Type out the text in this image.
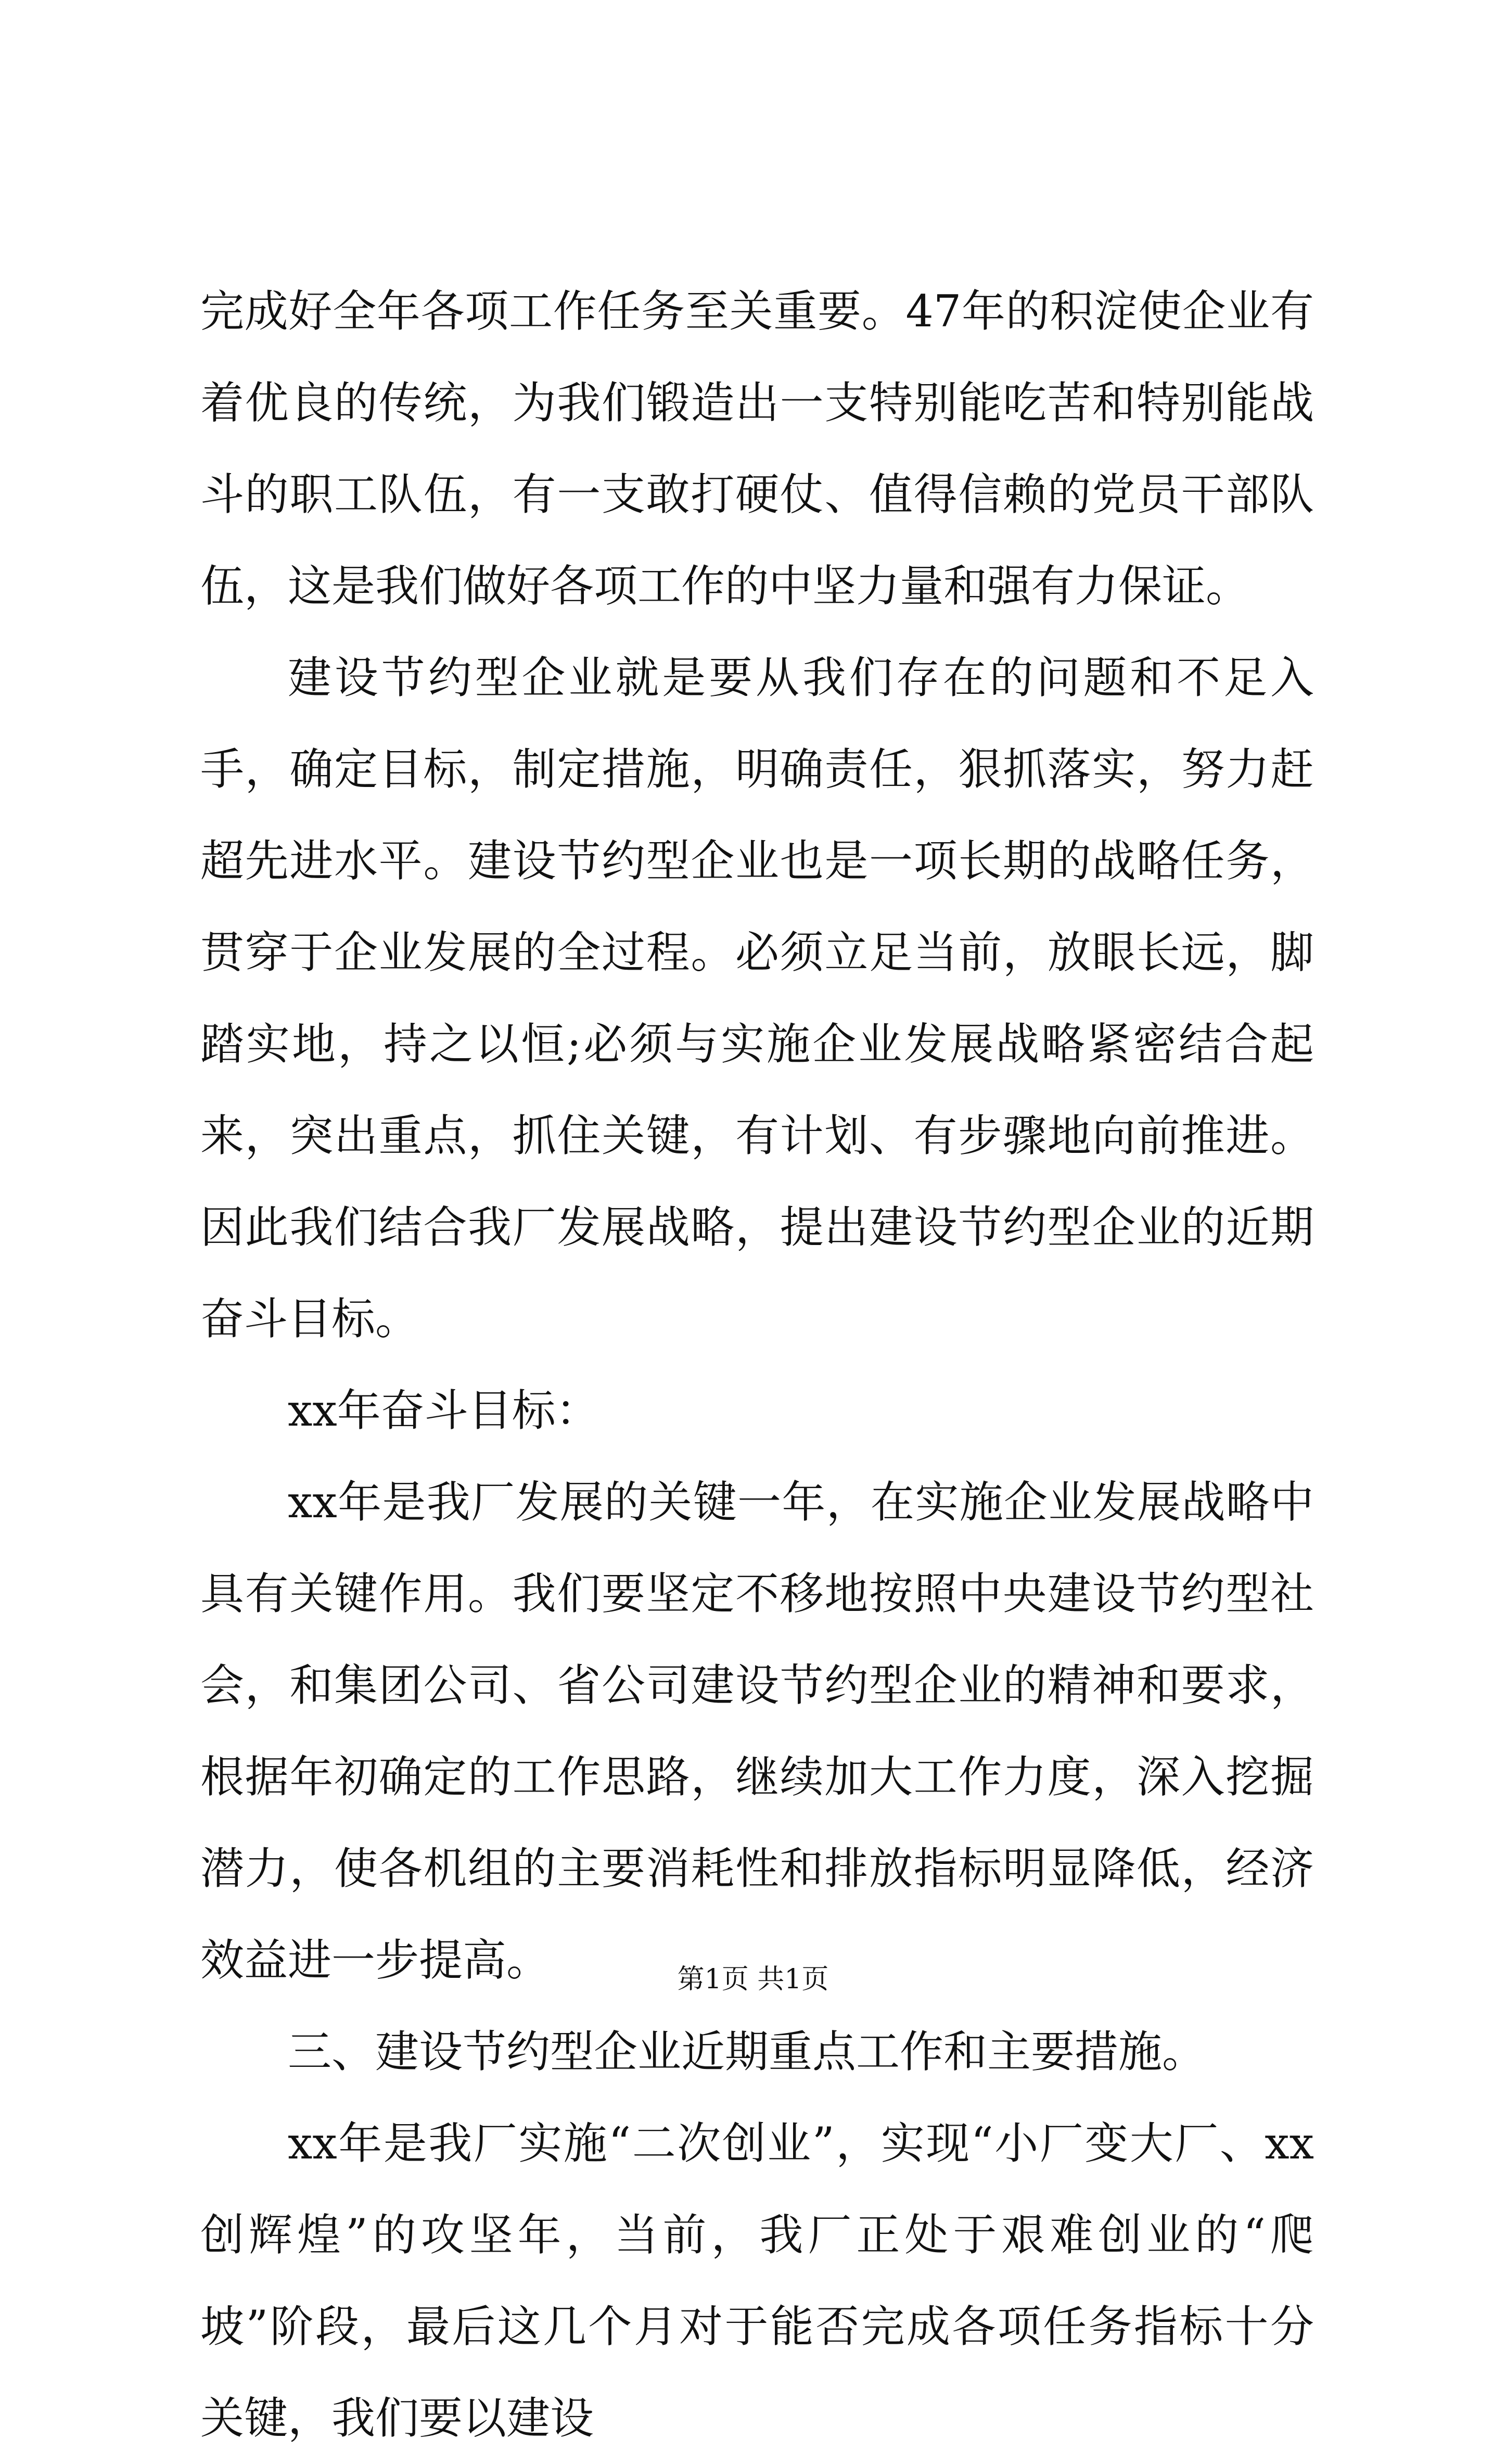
完成好全年各项工作任务至关重要。47年的积淀使企业有着优良的传统，为我们锻造出一支特别能吃苦和特别能战斗的职工队伍，有一支敢打硬仗、值得信赖的党员干部队伍，这是我们做好各项工作的中坚力量和强有力保证。

建设节约型企业就是要从我们存在的问题和不足入手，确定目标，制定措施，明确责任，狠抓落实，努力赶超先进水平。建设节约型企业也是一项长期的战略任务，贯穿于企业发展的全过程。必须立足当前，放眼长远，脚踏实地，持之以恒;必须与实施企业发展战略紧密结合起来，突出重点，抓住关键，有计划、有步骤地向前推进。因此我们结合我厂发展战略，提出建设节约型企业的近期奋斗目标。

xx年奋斗目标：

xx年是我厂发展的关键一年，在实施企业发展战略中具有关键作用。我们要坚定不移地按照中央建设节约型社会，和集团公司、省公司建设节约型企业的精神和要求，根据年初确定的工作思路，继续加大工作力度，深入挖掘潜力，使各机组的主要消耗性和排放指标明显降低，经济效益进一步提高。

三、建设节约型企业近期重点工作和主要措施。

xx年是我厂实施“二次创业”，实现“小厂变大厂、xx创辉煌”的攻坚年，当前，我厂正处于艰难创业的“爬坡”阶段，最后这几个月对于能否完成各项任务指标十分关键，我们要以建设

第1页 共1页
